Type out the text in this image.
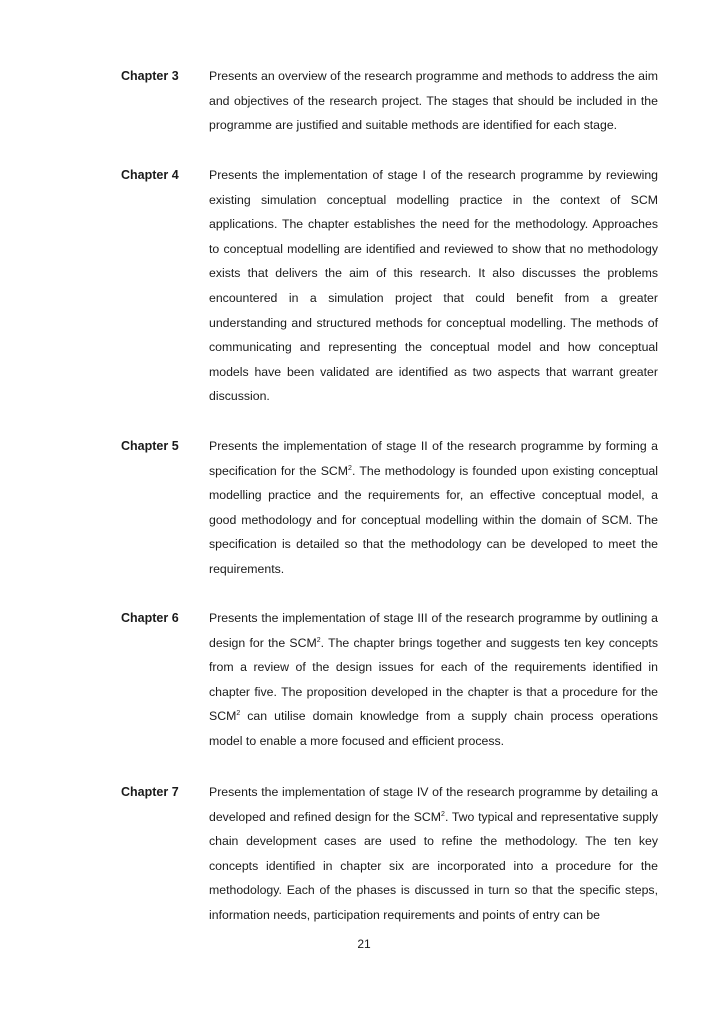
Chapter 3 Presents an overview of the research programme and methods to address the aim and objectives of the research project. The stages that should be included in the programme are justified and suitable methods are identified for each stage.

Chapter 4 Presents the implementation of stage I of the research programme by reviewing existing simulation conceptual modelling practice in the context of SCM applications. The chapter establishes the need for the methodology. Approaches to conceptual modelling are identified and reviewed to show that no methodology exists that delivers the aim of this research. It also discusses the problems encountered in a simulation project that could benefit from a greater understanding and structured methods for conceptual modelling. The methods of communicating and representing the conceptual model and how conceptual models have been validated are identified as two aspects that warrant greater discussion.

Chapter 5 Presents the implementation of stage II of the research programme by forming a specification for the SCM$^2$. The methodology is founded upon existing conceptual modelling practice and the requirements for, an effective conceptual model, a good methodology and for conceptual modelling within the domain of SCM. The specification is detailed so that the methodology can be developed to meet the requirements.

Chapter 6 Presents the implementation of stage III of the research programme by outlining a design for the SCM$^2$. The chapter brings together and suggests ten key concepts from a review of the design issues for each of the requirements identified in chapter five. The proposition developed in the chapter is that a procedure for the SCM$^2$ can utilise domain knowledge from a supply chain process operations model to enable a more focused and efficient process.

Chapter 7 Presents the implementation of stage IV of the research programme by detailing a developed and refined design for the SCM$^2$. Two typical and representative supply chain development cases are used to refine the methodology. The ten key concepts identified in chapter six are incorporated into a procedure for the methodology. Each of the phases is discussed in turn so that the specific steps, information needs, participation requirements and points of entry can be

21
